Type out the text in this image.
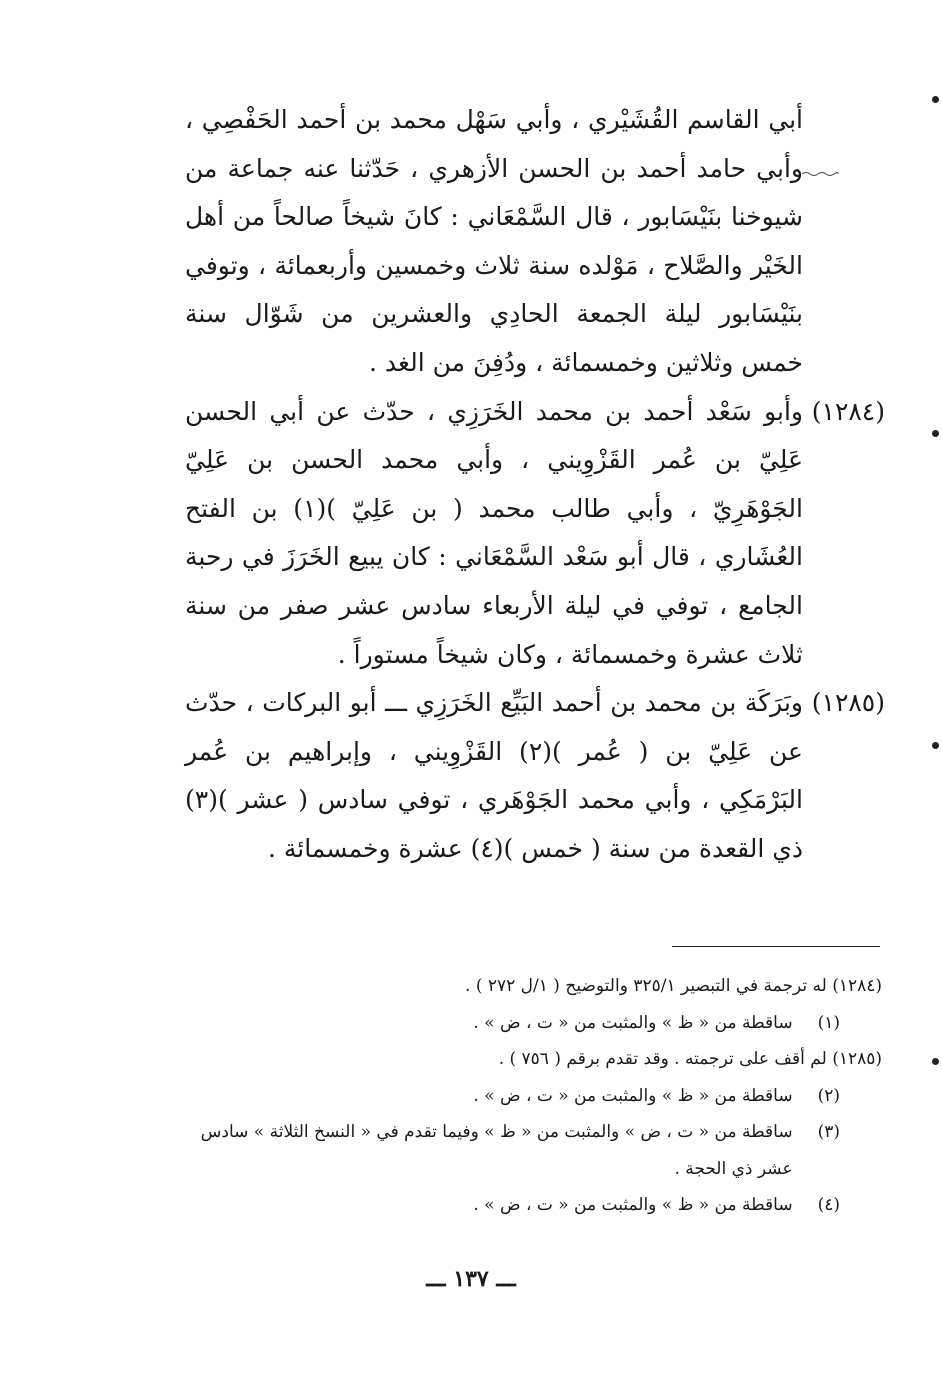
أبي القاسم القُشَيْري ، وأبي سَهْل محمد بن أحمد الحَفْصِي ، وأبي حامد أحمد بن الحسن الأزهري ، حَدّثنا عنه جماعة من شيوخنا بنَيْسَابور ، قال السَّمْعَاني : كانَ شيخاً صالحاً من أهل الخَيْر والصَّلاح ، مَوْلده سنة ثلاث وخمسين وأربعمائة ، وتوفي بنَيْسَابور ليلة الجمعة الحادِي والعشرين من شَوّال سنة خمس وثلاثين وخمسمائة ، ودُفِنَ من الغد .

(١٢٨٤)

وأبو سَعْد أحمد بن محمد الخَرَزِي ، حدّث عن أبي الحسن عَلِيّ بن عُمر القَزْوِيني ، وأبي محمد الحسن بن عَلِيّ الجَوْهَرِيّ ، وأبي طالب محمد ( بن عَلِيّ )(١) بن الفتح العُشَاري ، قال أبو سَعْد السَّمْعَاني : كان يبيع الخَرَزَ في رحبة الجامع ، توفي في ليلة الأربعاء سادس عشر صفر من سنة ثلاث عشرة وخمسمائة ، وكان شيخاً مستوراً .

(١٢٨٥)

وبَرَكَة بن محمد بن أحمد البَيِّع الخَرَزِي ـــ أبو البركات ، حدّث عن عَلِيّ بن ( عُمر )(٢) القَزْوِيني ، وإبراهيم بن عُمر البَرْمَكِي ، وأبي محمد الجَوْهَري ، توفي سادس ( عشر )(٣) ذي القعدة من سنة ( خمس )(٤) عشرة وخمسمائة .

(١٢٨٤) له ترجمة في التبصير ٣٢٥/١ والتوضيح ( ١/ل ٢٧٢ ) .

(١) ساقطة من « ظ » والمثبت من « ت ، ض » .

(١٢٨٥) لم أقف على ترجمته . وقد تقدم برقم ( ٧٥٦ ) .

(٢) ساقطة من « ظ » والمثبت من « ت ، ض » .

(٣) ساقطة من « ت ، ض » والمثبت من « ظ » وفيما تقدم في « النسخ الثلاثة » سادس

عشر ذي الحجة .

(٤) ساقطة من « ظ » والمثبت من « ت ، ض » .

ـــ ١٣٧ ـــ
